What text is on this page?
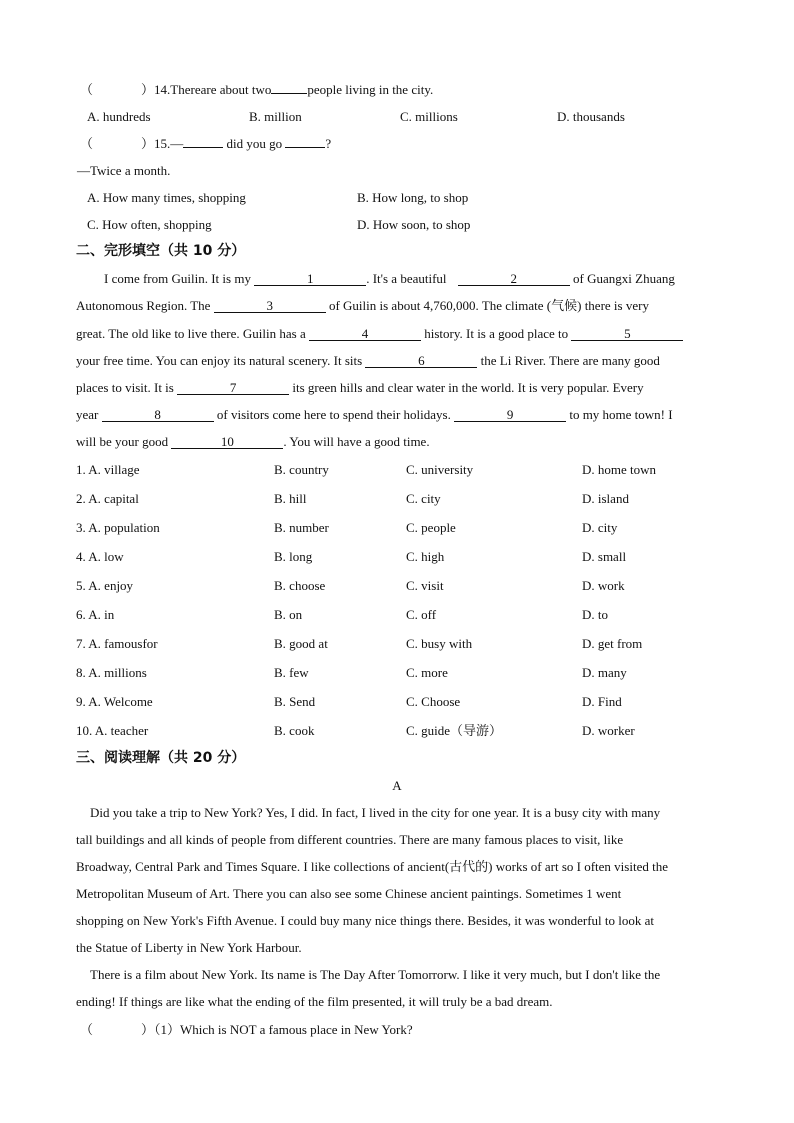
（	）14.Thereare about two	people living in the city.
A. hundreds	B. million	C. millions	D. thousands
（	）15.—	did you go	?
—Twice a month.
A. How many times, shopping	B. How long, to shop
C. How often, shopping	D. How soon, to shop
二、完形填空（共 10 分）
I come from Guilin. It is my	1	. It's a beautiful	2	of Guangxi Zhuang
Autonomous Region. The	3	of Guilin is about 4,760,000. The climate (气候) there is very
great. The old like to live there. Guilin has a	4	history. It is a good place to	5
your free time. You can enjoy its natural scenery. It sits	6	the Li River. There are many good
places to visit. It is	7	its green hills and clear water in the world. It is very popular. Every
year	8	of visitors come here to spend their holidays.	9	to my home town! I
will be your good	10	. You will have a good time.
1. A. village	B. country	C. university	D. home town
2. A. capital	B. hill	C. city	D. island
3. A. population	B. number	C. people	D. city
4. A. low	B. long	C. high	D. small
5. A. enjoy	B. choose	C. visit	D. work
6. A. in	B. on	C. off	D. to
7. A. famousfor	B. good at	C. busy with	D. get from
8. A. millions	B. few	C. more	D. many
9. A. Welcome	B. Send	C. Choose	D. Find
10. A. teacher	B. cook	C. guide（导游）	D. worker
三、阅读理解（共 20 分）
A
Did you take a trip to New York? Yes, I did. In fact, I lived in the city for one year. It is a busy city with many
tall buildings and all kinds of people from different countries. There are many famous places to visit, like
Broadway, Central Park and Times Square. I like collections of ancient(古代的) works of art so I often visited the
Metropolitan Museum of Art. There you can also see some Chinese ancient paintings. Sometimes 1 went
shopping on New York's Fifth Avenue. I could buy many nice things there. Besides, it was wonderful to look at
the Statue of Liberty in New York Harbour.
There is a film about New York. Its name is The Day After Tomorrorw. I like it very much, but I don't like the
ending! If things are like what the ending of the film presented, it will truly be a bad dream.
（	）（1）Which is NOT a famous place in New York?
